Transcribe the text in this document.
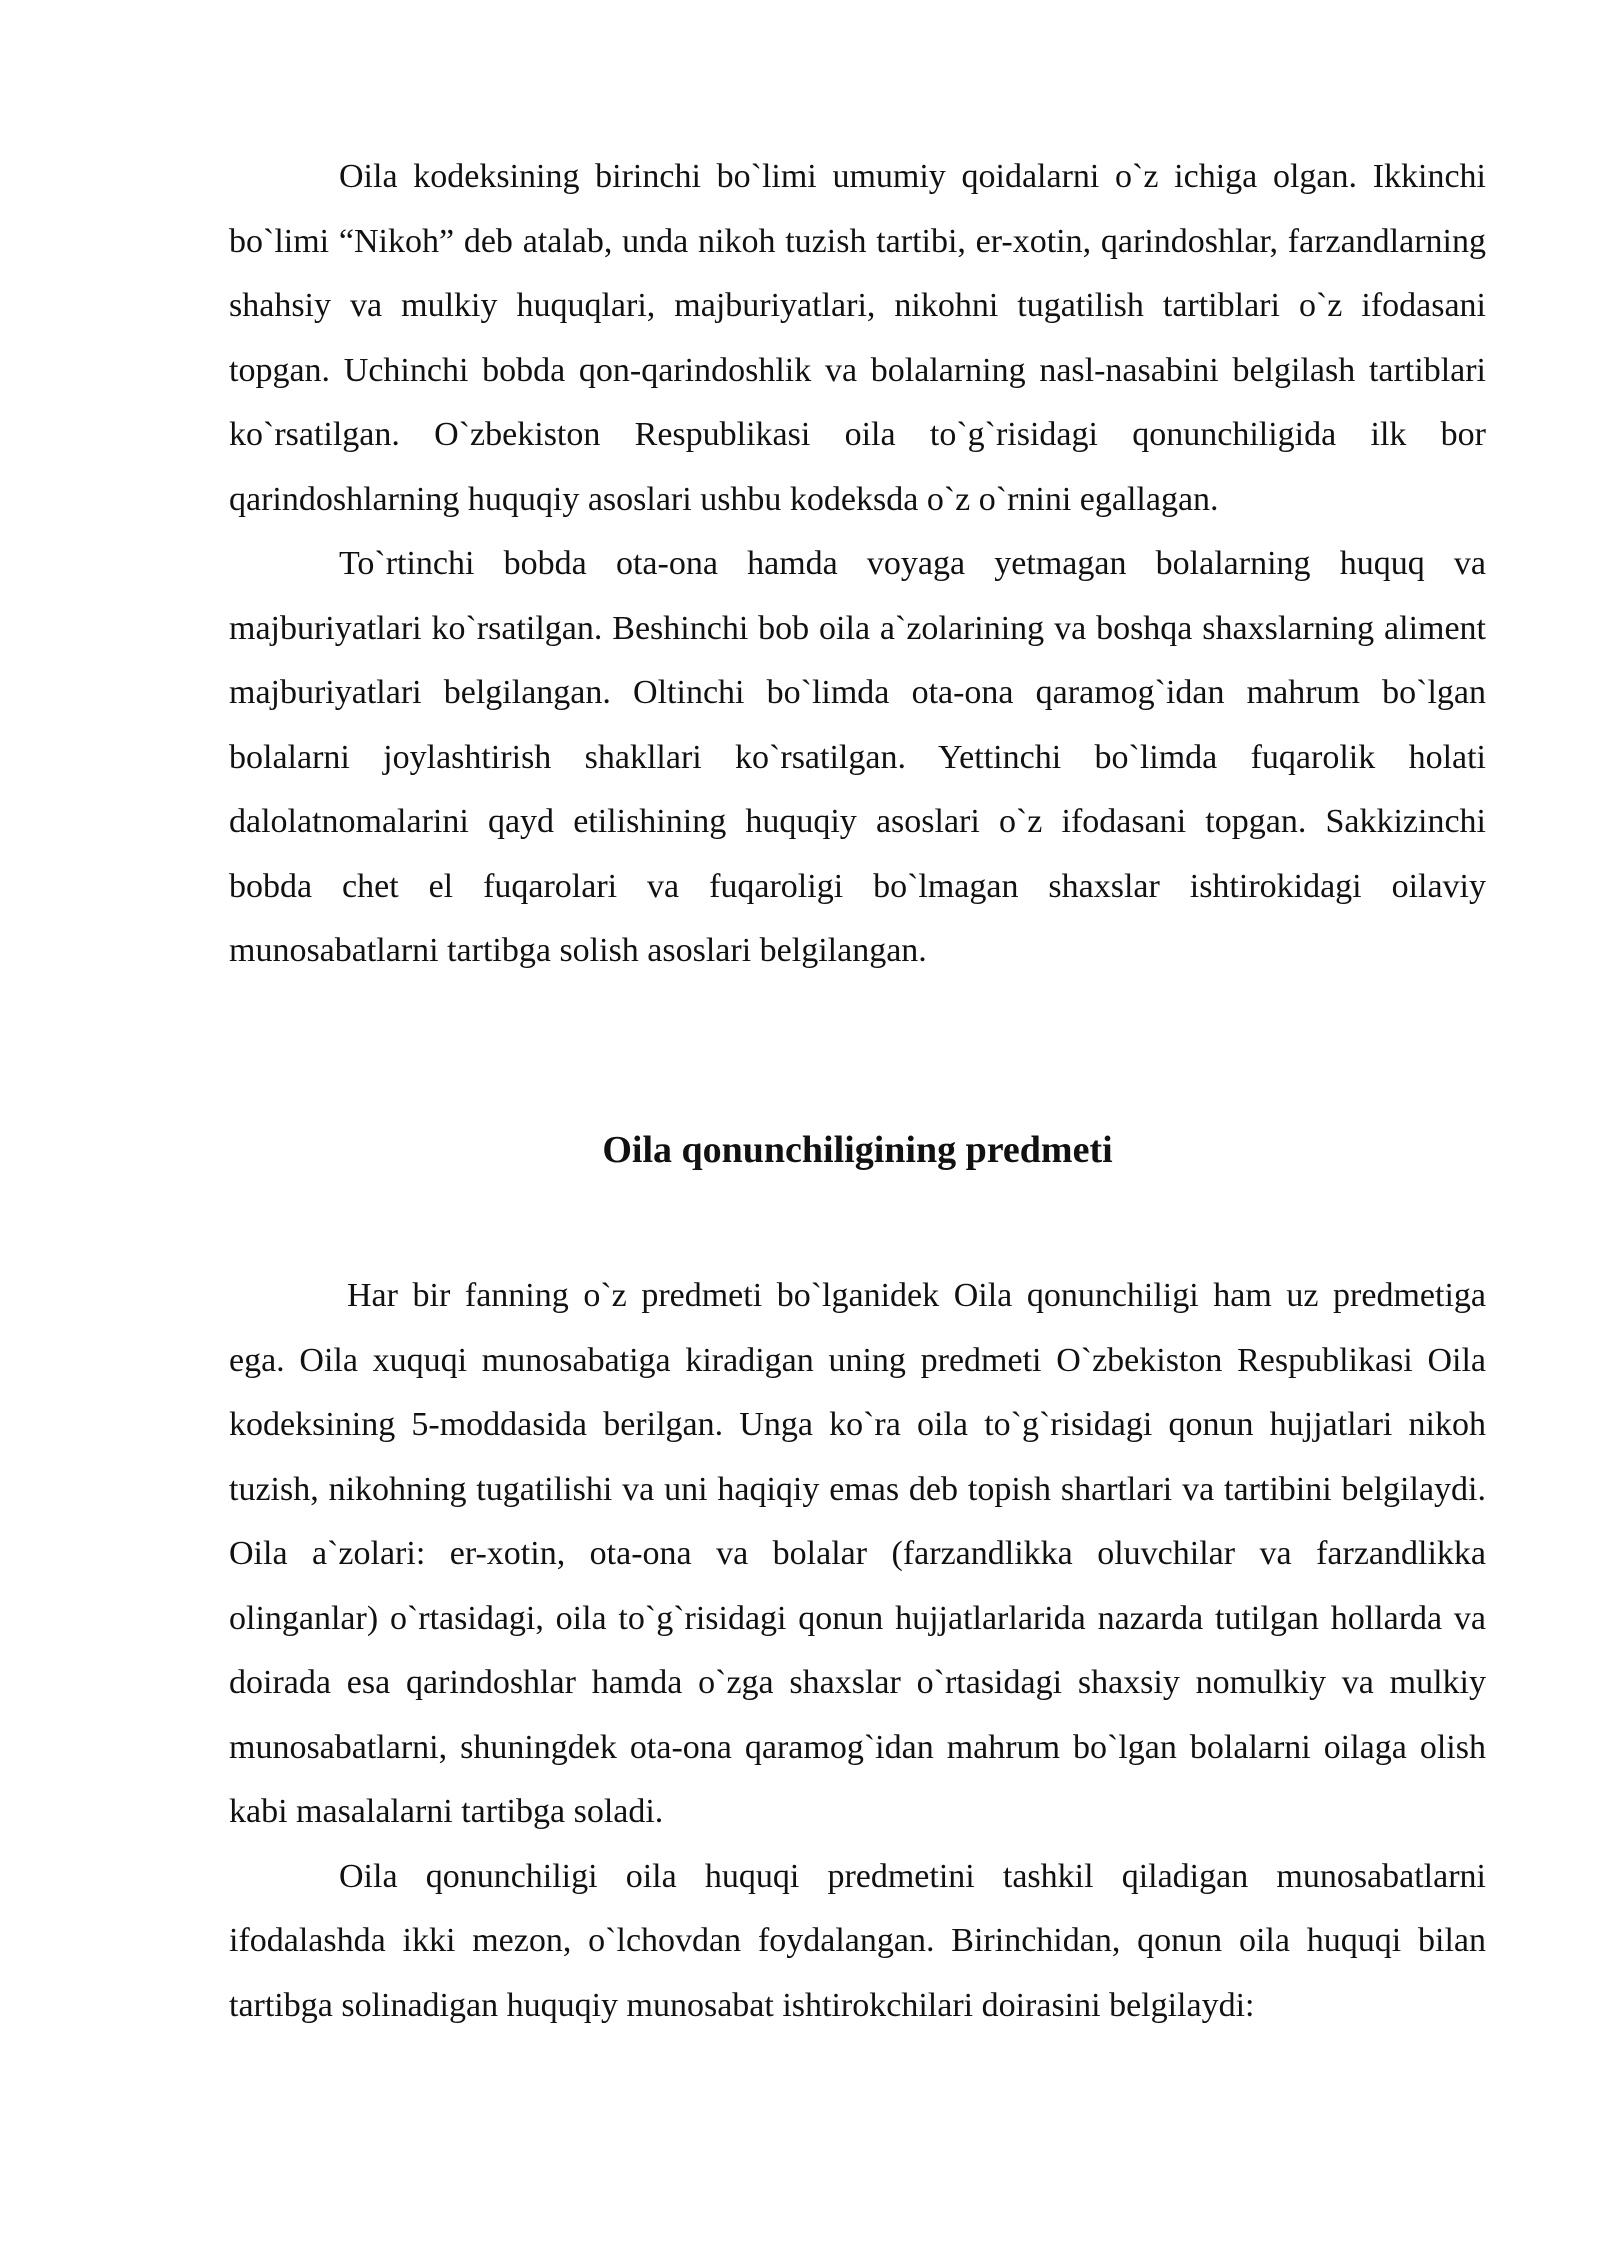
Oila kodeksining birinchi bo`limi umumiy qoidalarni o`z ichiga olgan. Ikkinchi bo`limi “Nikoh” deb atalab, unda nikoh tuzish tartibi, er-xotin, qarindoshlar, farzandlarning shahsiy va mulkiy huquqlari, majburiyatlari, nikohni tugatilish tartiblari o`z ifodasani topgan. Uchinchi bobda qon-qarindoshlik va bolalarning nasl-nasabini belgilash tartiblari ko`rsatilgan. O`zbekiston Respublikasi oila to`g`risidagi qonunchiligida ilk bor qarindoshlarning huquqiy asoslari ushbu kodeksda o`z o`rnini egallagan.

To`rtinchi bobda ota-ona hamda voyaga yetmagan bolalarning huquq va majburiyatlari ko`rsatilgan. Beshinchi bob oila a`zolarining va boshqa shaxslarning aliment majburiyatlari belgilangan. Oltinchi bo`limda ota-ona qaramog`idan mahrum bo`lgan bolalarni joylashtirish shakllari ko`rsatilgan. Yettinchi bo`limda fuqarolik holati dalolatnomalarini qayd etilishining huquqiy asoslari o`z ifodasani topgan. Sakkizinchi bobda chet el fuqarolari va fuqaroligi bo`lmagan shaxslar ishtirokidagi oilaviy munosabatlarni tartibga solish asoslari belgilangan.

Oila qonunchiligining predmeti

Har bir fanning o`z predmeti bo`lganidek Oila qonunchiligi ham uz predmetiga ega. Oila xuquqi munosabatiga kiradigan uning predmeti O`zbekiston Respublikasi Oila kodeksining 5-moddasida berilgan. Unga ko`ra oila to`g`risidagi qonun hujjatlari nikoh tuzish, nikohning tugatilishi va uni haqiqiy emas deb topish shartlari va tartibini belgilaydi. Oila a`zolari: er-xotin, ota-ona va bolalar (farzandlikka oluvchilar va farzandlikka olinganlar) o`rtasidagi, oila to`g`risidagi qonun hujjatlarlarida nazarda tutilgan hollarda va doirada esa qarindoshlar hamda o`zga shaxslar o`rtasidagi shaxsiy nomulkiy va mulkiy munosabatlarni, shuningdek ota-ona qaramog`idan mahrum bo`lgan bolalarni oilaga olish kabi masalalarni tartibga soladi.

Oila qonunchiligi oila huquqi predmetini tashkil qiladigan munosabatlarni ifodalashda ikki mezon, o`lchovdan foydalangan. Birinchidan, qonun oila huquqi bilan tartibga solinadigan huquqiy munosabat ishtirokchilari doirasini belgilaydi:
